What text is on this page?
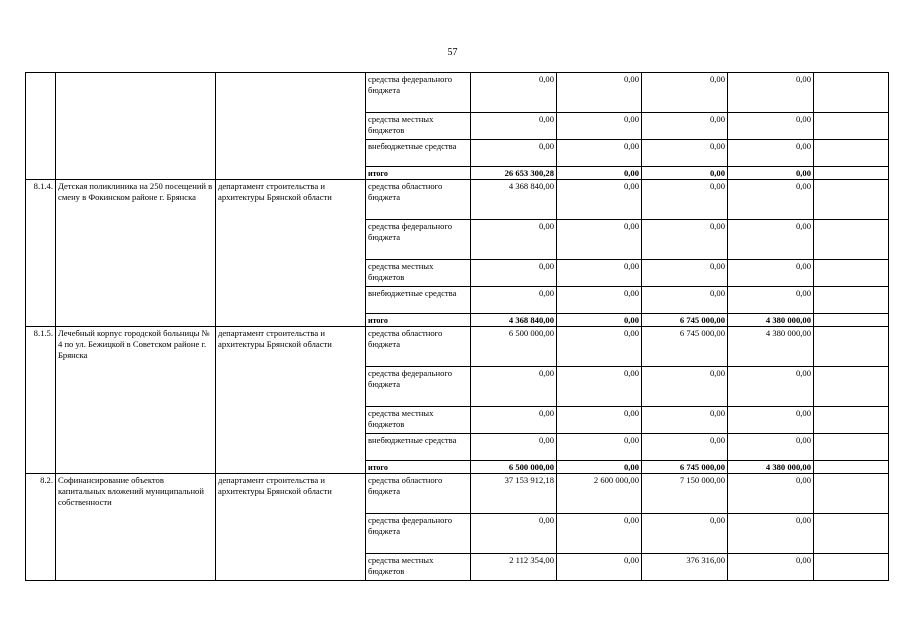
57
			средства федерального бюджета	0,00	0,00	0,00	0,00	
			средства местных бюджетов	0,00	0,00	0,00	0,00	
			внебюджетные средства	0,00	0,00	0,00	0,00	
			итого	26 653 300,28	0,00	0,00	0,00	
8.1.4.	Детская поликлиника на 250 посещений в смену в Фокинском районе г. Брянска	департамент строительства и архитектуры Брянской области	средства областного бюджета	4 368 840,00	0,00	0,00	0,00	
			средства федерального бюджета	0,00	0,00	0,00	0,00	
			средства местных бюджетов	0,00	0,00	0,00	0,00	
			внебюджетные средства	0,00	0,00	0,00	0,00	
			итого	4 368 840,00	0,00	6 745 000,00	4 380 000,00	
8.1.5.	Лечебный корпус городской больницы № 4 по ул. Бежицкой в Советском районе г. Брянска	департамент строительства и архитектуры Брянской области	средства областного бюджета	6 500 000,00	0,00	6 745 000,00	4 380 000,00	
			средства федерального бюджета	0,00	0,00	0,00	0,00	
			средства местных бюджетов	0,00	0,00	0,00	0,00	
			внебюджетные средства	0,00	0,00	0,00	0,00	
			итого	6 500 000,00	0,00	6 745 000,00	4 380 000,00	
8.2.	Софинансирование объектов капитальных вложений муниципальной собственности	департамент строительства и архитектуры Брянской области	средства областного бюджета	37 153 912,18	2 600 000,00	7 150 000,00	0,00	
			средства федерального бюджета	0,00	0,00	0,00	0,00	
			средства местных бюджетов	2 112 354,00	0,00	376 316,00	0,00	
